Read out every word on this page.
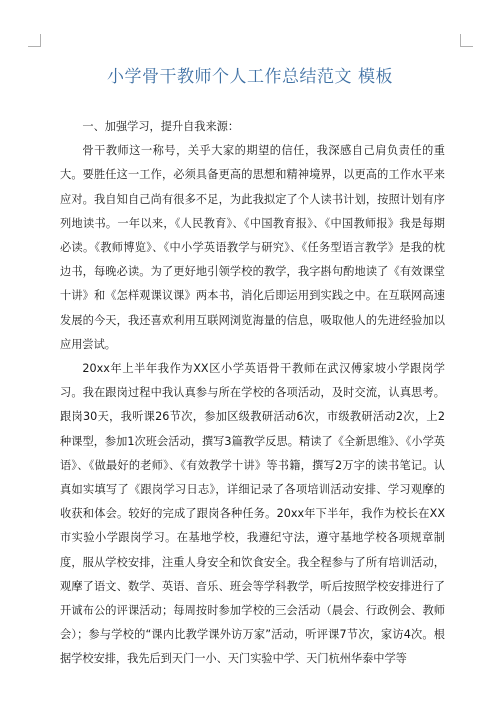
小学骨干教师个人工作总结范文 模板

一、加强学习，提升自我来源：

骨干教师这一称号，关乎大家的期望的信任，我深感自己肩负责任的重大。要胜任这一工作，必须具备更高的思想和精神境界，以更高的工作水平来应对。我自知自己尚有很多不足，为此我拟定了个人读书计划，按照计划有序列地读书。一年以来，《人民教育》、《中国教育报》、《中国教师报》我是每期必读。《教师博览》、《中小学英语教学与研究》、《任务型语言教学》是我的枕边书，每晚必读。为了更好地引领学校的教学，我字斟句酌地读了《有效课堂十讲》和《怎样观课议课》两本书，消化后即运用到实践之中。在互联网高速发展的今天，我还喜欢利用互联网浏览海量的信息，吸取他人的先进经验加以应用尝试。

20xx年上半年我作为XX区小学英语骨干教师在武汉傅家坡小学跟岗学习。我在跟岗过程中我认真参与所在学校的各项活动，及时交流，认真思考。跟岗30天，我听课26节次，参加区级教研活动6次，市级教研活动2次，上2种课型，参加1次班会活动，撰写3篇教学反思。精读了《全新思维》、《小学英语》、《做最好的老师》、《有效教学十讲》等书籍，撰写2万字的读书笔记。认真如实填写了《跟岗学习日志》，详细记录了各项培训活动安排、学习观摩的收获和体会。较好的完成了跟岗各种任务。20xx年下半年，我作为校长在XX市实验小学跟岗学习。在基地学校，我遵纪守法，遵守基地学校各项规章制度，服从学校安排，注重人身安全和饮食安全。我全程参与了所有培训活动，观摩了语文、数学、英语、音乐、班会等学科教学，听后按照学校安排进行了开诚布公的评课活动；每周按时参加学校的三会活动（晨会、行政例会、教师会）；参与学校的“课内比教学课外访万家”活动，听评课7节次，家访4次。根据学校安排，我先后到天门一小、天门实验中学、天门杭州华泰中学等
